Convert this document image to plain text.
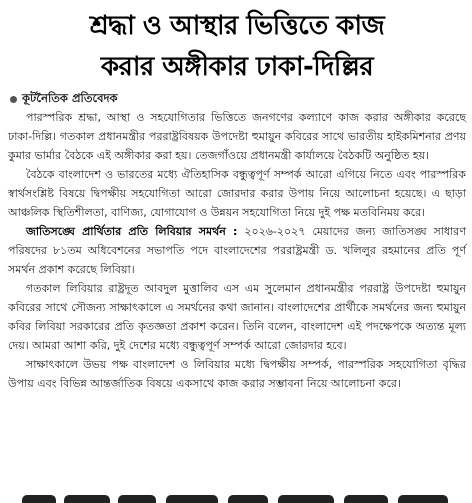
শ্রদ্ধা ও আস্থার ভিত্তিতে কাজ
করার অঙ্গীকার ঢাকা-দিল্লির
কূটনৈতিক প্রতিবেদক

পারস্পরিক শ্রদ্ধা, আস্থা ও সহযোগিতার ভিত্তিতে জনগণের কল্যাণে কাজ করার অঙ্গীকার করেছে ঢাকা-দিল্লি। গতকাল প্রধানমন্ত্রীর পররাষ্ট্রবিষয়ক উপদেষ্টা হুমায়ুন কবিরের সাথে ভারতীয় হাইকমিশনার প্রণয় কুমার ভার্মার বৈঠকে এই অঙ্গীকার করা হয়। তেজগাঁওয়ে প্রধানমন্ত্রী কার্যালয়ে বৈঠকটি অনুষ্ঠিত হয়।

বৈঠকে বাংলাদেশ ও ভারতের মধ্যে ঐতিহাসিক বন্ধুত্বপূর্ণ সম্পর্ক আরো এগিয়ে নিতে এবং পারস্পরিক স্বার্থসংশ্লিষ্ট বিষয়ে দ্বিপক্ষীয় সহযোগিতা আরো জোরদার করার উপায় নিয়ে আলোচনা হয়েছে। এ ছাড়া আঞ্চলিক স্থিতিশীলতা, বাণিজ্য, যোগাযোগ ও উন্নয়ন সহযোগিতা নিয়ে দুই পক্ষ মতবিনিময় করে।

জাতিসঙ্ঘে প্রার্থিতার প্রতি লিবিয়ার সমর্থন : ২০২৬-২০২৭ মেয়াদের জন্য জাতিসঙ্ঘ সাধারণ পরিষদের ৮১তম অধিবেশনের সভাপতি পদে বাংলাদেশের পররাষ্ট্রমন্ত্রী ড. খলিলুর রহমানের প্রতি পূর্ণ সমর্থন প্রকাশ করেছে লিবিয়া।

গতকাল লিবিয়ার রাষ্ট্রদূত আবদুল মুত্তালিব এস এম সুলেমান প্রধানমন্ত্রীর পররাষ্ট্র উপদেষ্টা হুমায়ুন কবিরের সাথে সৌজন্য সাক্ষাৎকালে এ সমর্থনের কথা জানান। বাংলাদেশের প্রার্থীকে সমর্থনের জন্য হুমায়ুন কবির লিবিয়া সরকারের প্রতি কৃতজ্ঞতা প্রকাশ করেন। তিনি বলেন, বাংলাদেশ এই পদক্ষেপকে অত্যন্ত মূল্য দেয়। আমরা আশা করি, দুই দেশের মধ্যে বন্ধুত্বপূর্ণ সম্পর্ক আরো জোরদার হবে।

সাক্ষাৎকালে উভয় পক্ষ বাংলাদেশ ও লিবিয়ার মধ্যে দ্বিপক্ষীয় সম্পর্ক, পারস্পরিক সহযোগিতা বৃদ্ধির উপায় এবং বিভিন্ন আন্তর্জাতিক বিষয়ে একসাথে কাজ করার সম্ভাবনা নিয়ে আলোচনা করে।
